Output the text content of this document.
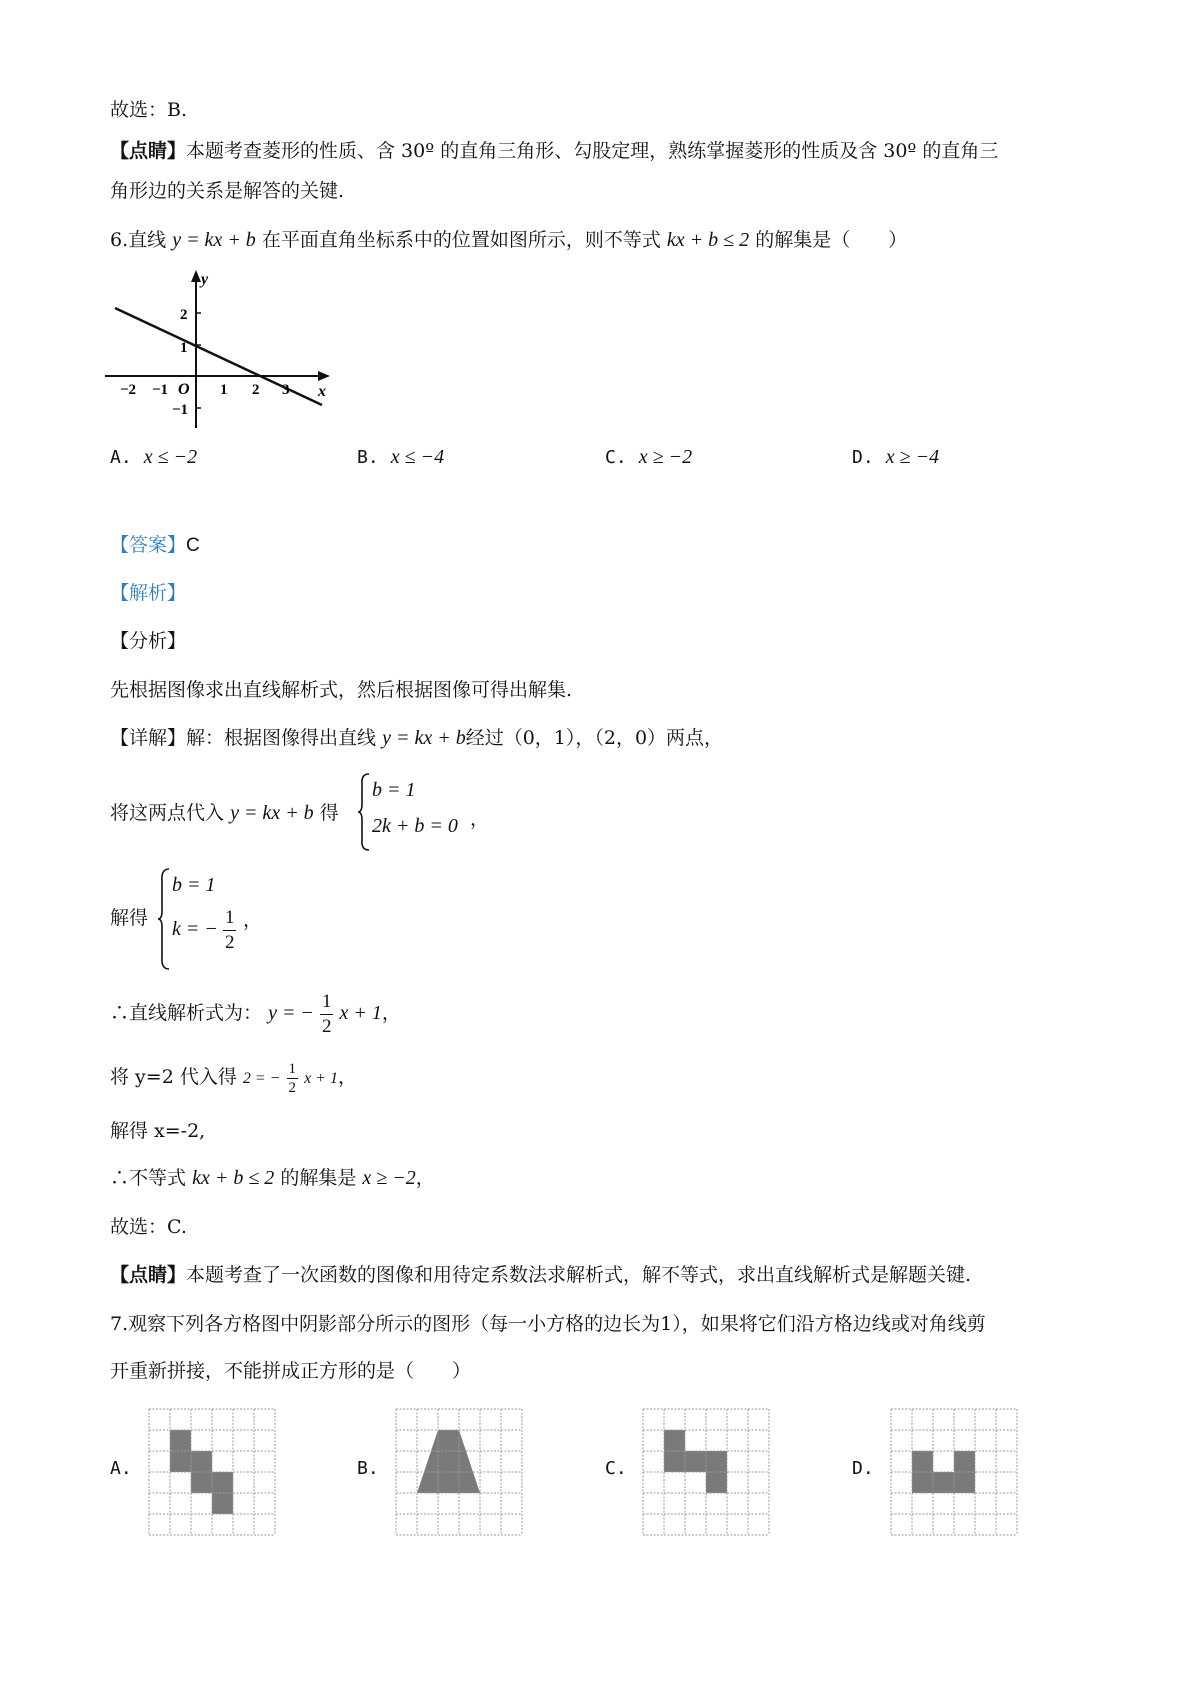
故选：B.
【点睛】本题考查菱形的性质、含 30º 的直角三角形、勾股定理，熟练掌握菱形的性质及含 30º 的直角三
角形边的关系是解答的关键.
6.直线 y = kx + b 在平面直角坐标系中的位置如图所示，则不等式 kx + b ≤ 2 的解集是（　　）
y
x
O
−2 −1	1 2 3
2
1
−1
A. x ≤ −2	B. x ≤ −4	C. x ≥ −2	D. x ≥ −4
【答案】C
【解析】
【分析】
先根据图像求出直线解析式，然后根据图像可得出解集.
【详解】解：根据图像得出直线 y = kx + b经过（0，1），（2，0）两点，
将这两点代入 y = kx + b 得
b = 1
2k + b = 0 ，
解得
b = 1
k = − $\frac{1}{2}$ ，
∴直线解析式为： y = − $\frac{1}{2}$ x + 1，
将 y=2 代入得 2 = − $\frac{1}{2}$ x + 1，
解得 x=-2,
∴不等式 kx + b ≤ 2 的解集是 x ≥ −2，
故选：C.
【点睛】本题考查了一次函数的图像和用待定系数法求解析式，解不等式，求出直线解析式是解题关键.
7.观察下列各方格图中阴影部分所示的图形（每一小方格的边长为1），如果将它们沿方格边线或对角线剪
开重新拼接，不能拼成正方形的是（　　）
A.	B.	C.	D.
